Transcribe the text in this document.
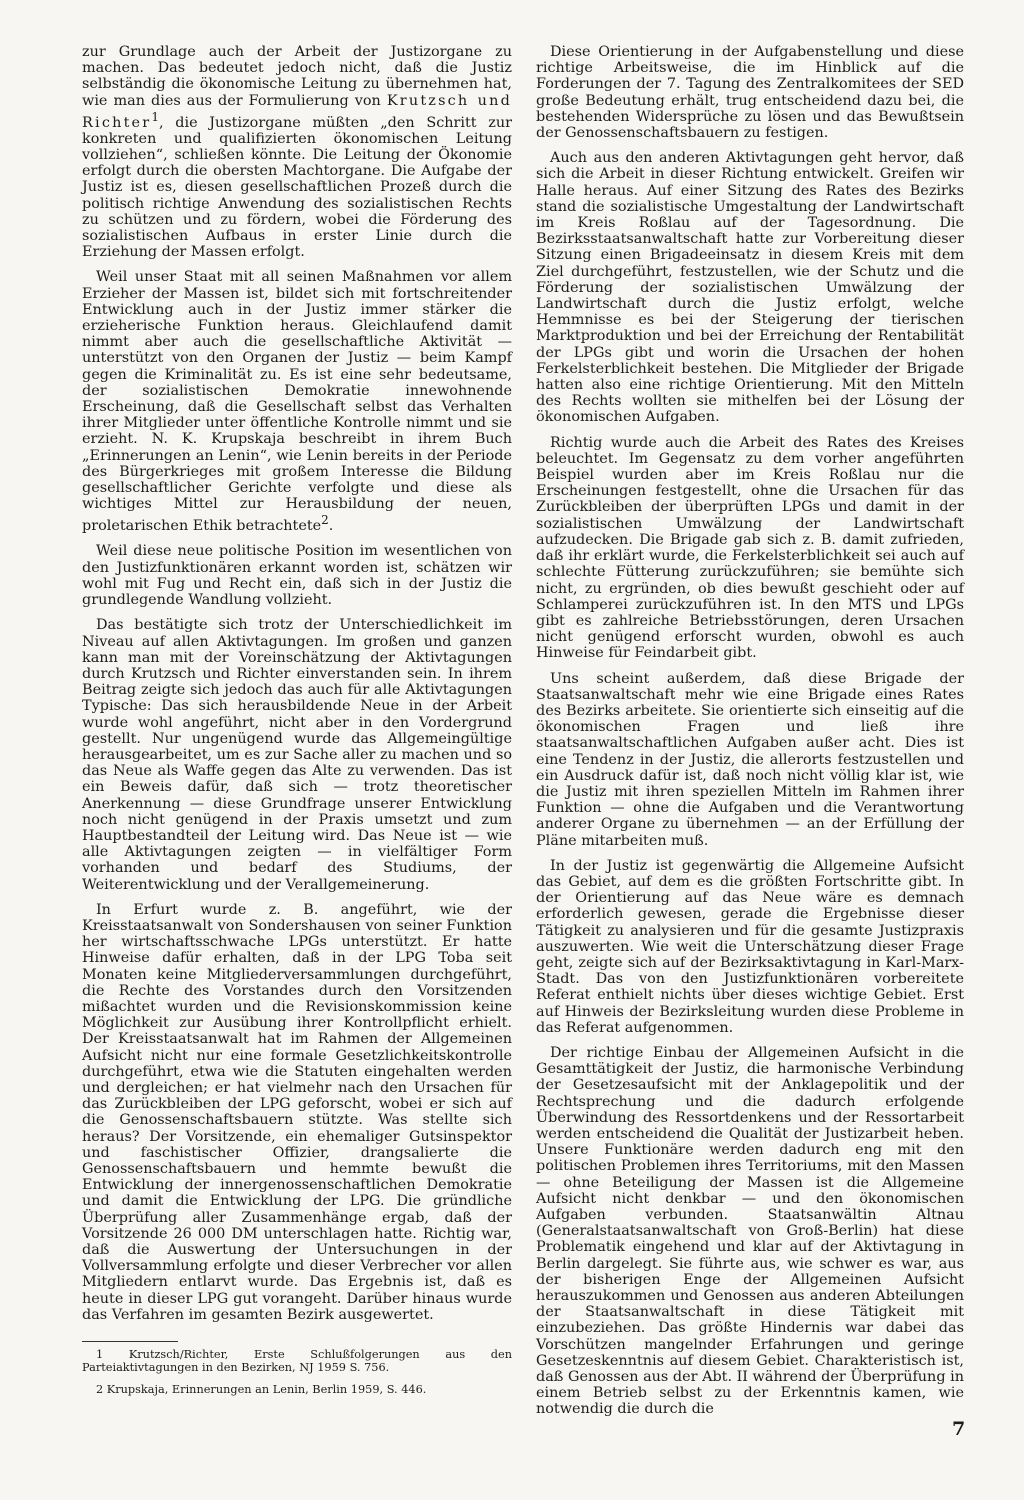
zur Grundlage auch der Arbeit der Justizorgane zu machen. Das bedeutet jedoch nicht, daß die Justiz selbständig die ökonomische Leitung zu übernehmen hat, wie man dies aus der Formulierung von Krutzsch und Richter$^1$, die Justizorgane müßten „den Schritt zur konkreten und qualifizierten ökonomischen Leitung vollziehen“, schließen könnte. Die Leitung der Ökonomie erfolgt durch die obersten Machtorgane. Die Aufgabe der Justiz ist es, diesen gesellschaftlichen Prozeß durch die politisch richtige Anwendung des sozialistischen Rechts zu schützen und zu fördern, wobei die Förderung des sozialistischen Aufbaus in erster Linie durch die Erziehung der Massen erfolgt.

Weil unser Staat mit all seinen Maßnahmen vor allem Erzieher der Massen ist, bildet sich mit fortschreitender Entwicklung auch in der Justiz immer stärker die erzieherische Funktion heraus. Gleichlaufend damit nimmt aber auch die gesellschaftliche Aktivität — unterstützt von den Organen der Justiz — beim Kampf gegen die Kriminalität zu. Es ist eine sehr bedeutsame, der sozialistischen Demokratie innewohnende Erscheinung, daß die Gesellschaft selbst das Verhalten ihrer Mitglieder unter öffentliche Kontrolle nimmt und sie erzieht. N. K. Krupskaja beschreibt in ihrem Buch „Erinnerungen an Lenin“, wie Lenin bereits in der Periode des Bürgerkrieges mit großem Interesse die Bildung gesellschaftlicher Gerichte verfolgte und diese als wichtiges Mittel zur Herausbildung der neuen, proletarischen Ethik betrachtete$^2$.

Weil diese neue politische Position im wesentlichen von den Justizfunktionären erkannt worden ist, schätzen wir wohl mit Fug und Recht ein, daß sich in der Justiz die grundlegende Wandlung vollzieht.

Das bestätigte sich trotz der Unterschiedlichkeit im Niveau auf allen Aktivtagungen. Im großen und ganzen kann man mit der Voreinschätzung der Aktivtagungen durch Krutzsch und Richter einverstanden sein. In ihrem Beitrag zeigte sich jedoch das auch für alle Aktivtagungen Typische: Das sich herausbildende Neue in der Arbeit wurde wohl angeführt, nicht aber in den Vordergrund gestellt. Nur ungenügend wurde das Allgemeingültige herausgearbeitet, um es zur Sache aller zu machen und so das Neue als Waffe gegen das Alte zu verwenden. Das ist ein Beweis dafür, daß sich — trotz theoretischer Anerkennung — diese Grundfrage unserer Entwicklung noch nicht genügend in der Praxis umsetzt und zum Hauptbestandteil der Leitung wird. Das Neue ist — wie alle Aktivtagungen zeigten — in vielfältiger Form vorhanden und bedarf des Studiums, der Weiterentwicklung und der Verallgemeinerung.

In Erfurt wurde z. B. angeführt, wie der Kreisstaatsanwalt von Sondershausen von seiner Funktion her wirtschaftsschwache LPGs unterstützt. Er hatte Hinweise dafür erhalten, daß in der LPG Toba seit Monaten keine Mitgliederversammlungen durchgeführt, die Rechte des Vorstandes durch den Vorsitzenden mißachtet wurden und die Revisionskommission keine Möglichkeit zur Ausübung ihrer Kontrollpflicht erhielt. Der Kreisstaatsanwalt hat im Rahmen der Allgemeinen Aufsicht nicht nur eine formale Gesetzlichkeitskontrolle durchgeführt, etwa wie die Statuten eingehalten werden und dergleichen; er hat vielmehr nach den Ursachen für das Zurückbleiben der LPG geforscht, wobei er sich auf die Genossenschaftsbauern stützte. Was stellte sich heraus? Der Vorsitzende, ein ehemaliger Gutsinspektor und faschistischer Offizier, drangsalierte die Genossenschaftsbauern und hemmte bewußt die Entwicklung der innergenossenschaftlichen Demokratie und damit die Entwicklung der LPG. Die gründliche Überprüfung aller Zusammenhänge ergab, daß der Vorsitzende 26 000 DM unterschlagen hatte. Richtig war, daß die Auswertung der Untersuchungen in der Vollversammlung erfolgte und dieser Verbrecher vor allen Mitgliedern entlarvt wurde. Das Ergebnis ist, daß es heute in dieser LPG gut vorangeht. Darüber hinaus wurde das Verfahren im gesamten Bezirk ausgewertet.

1 Krutzsch/Richter, Erste Schlußfolgerungen aus den Parteiaktivtagungen in den Bezirken, NJ 1959 S. 756.

2 Krupskaja, Erinnerungen an Lenin, Berlin 1959, S. 446.

Diese Orientierung in der Aufgabenstellung und diese richtige Arbeitsweise, die im Hinblick auf die Forderungen der 7. Tagung des Zentralkomitees der SED große Bedeutung erhält, trug entscheidend dazu bei, die bestehenden Widersprüche zu lösen und das Bewußtsein der Genossenschaftsbauern zu festigen.

Auch aus den anderen Aktivtagungen geht hervor, daß sich die Arbeit in dieser Richtung entwickelt. Greifen wir Halle heraus. Auf einer Sitzung des Rates des Bezirks stand die sozialistische Umgestaltung der Landwirtschaft im Kreis Roßlau auf der Tagesordnung. Die Bezirksstaatsanwaltschaft hatte zur Vorbereitung dieser Sitzung einen Brigadeeinsatz in diesem Kreis mit dem Ziel durchgeführt, festzustellen, wie der Schutz und die Förderung der sozialistischen Umwälzung der Landwirtschaft durch die Justiz erfolgt, welche Hemmnisse es bei der Steigerung der tierischen Marktproduktion und bei der Erreichung der Rentabilität der LPGs gibt und worin die Ursachen der hohen Ferkelsterblichkeit bestehen. Die Mitglieder der Brigade hatten also eine richtige Orientierung. Mit den Mitteln des Rechts wollten sie mithelfen bei der Lösung der ökonomischen Aufgaben.

Richtig wurde auch die Arbeit des Rates des Kreises beleuchtet. Im Gegensatz zu dem vorher angeführten Beispiel wurden aber im Kreis Roßlau nur die Erscheinungen festgestellt, ohne die Ursachen für das Zurückbleiben der überprüften LPGs und damit in der sozialistischen Umwälzung der Landwirtschaft aufzudecken. Die Brigade gab sich z. B. damit zufrieden, daß ihr erklärt wurde, die Ferkelsterblichkeit sei auch auf schlechte Fütterung zurückzuführen; sie bemühte sich nicht, zu ergründen, ob dies bewußt geschieht oder auf Schlamperei zurückzuführen ist. In den MTS und LPGs gibt es zahlreiche Betriebsstörungen, deren Ursachen nicht genügend erforscht wurden, obwohl es auch Hinweise für Feindarbeit gibt.

Uns scheint außerdem, daß diese Brigade der Staatsanwaltschaft mehr wie eine Brigade eines Rates des Bezirks arbeitete. Sie orientierte sich einseitig auf die ökonomischen Fragen und ließ ihre staatsanwaltschaftlichen Aufgaben außer acht. Dies ist eine Tendenz in der Justiz, die allerorts festzustellen und ein Ausdruck dafür ist, daß noch nicht völlig klar ist, wie die Justiz mit ihren speziellen Mitteln im Rahmen ihrer Funktion — ohne die Aufgaben und die Verantwortung anderer Organe zu übernehmen — an der Erfüllung der Pläne mitarbeiten muß.

In der Justiz ist gegenwärtig die Allgemeine Aufsicht das Gebiet, auf dem es die größten Fortschritte gibt. In der Orientierung auf das Neue wäre es demnach erforderlich gewesen, gerade die Ergebnisse dieser Tätigkeit zu analysieren und für die gesamte Justizpraxis auszuwerten. Wie weit die Unterschätzung dieser Frage geht, zeigte sich auf der Bezirksaktivtagung in Karl-Marx-Stadt. Das von den Justizfunktionären vorbereitete Referat enthielt nichts über dieses wichtige Gebiet. Erst auf Hinweis der Bezirksleitung wurden diese Probleme in das Referat aufgenommen.

Der richtige Einbau der Allgemeinen Aufsicht in die Gesamttätigkeit der Justiz, die harmonische Verbindung der Gesetzesaufsicht mit der Anklagepolitik und der Rechtsprechung und die dadurch erfolgende Überwindung des Ressortdenkens und der Ressortarbeit werden entscheidend die Qualität der Justizarbeit heben. Unsere Funktionäre werden dadurch eng mit den politischen Problemen ihres Territoriums, mit den Massen — ohne Beteiligung der Massen ist die Allgemeine Aufsicht nicht denkbar — und den ökonomischen Aufgaben verbunden. Staatsanwältin Altnau (Generalstaatsanwaltschaft von Groß-Berlin) hat diese Problematik eingehend und klar auf der Aktivtagung in Berlin dargelegt. Sie führte aus, wie schwer es war, aus der bisherigen Enge der Allgemeinen Aufsicht herauszukommen und Genossen aus anderen Abteilungen der Staatsanwaltschaft in diese Tätigkeit mit einzubeziehen. Das größte Hindernis war dabei das Vorschützen mangelnder Erfahrungen und geringe Gesetzeskenntnis auf diesem Gebiet. Charakteristisch ist, daß Genossen aus der Abt. II während der Überprüfung in einem Betrieb selbst zu der Erkenntnis kamen, wie notwendig die durch die

7
